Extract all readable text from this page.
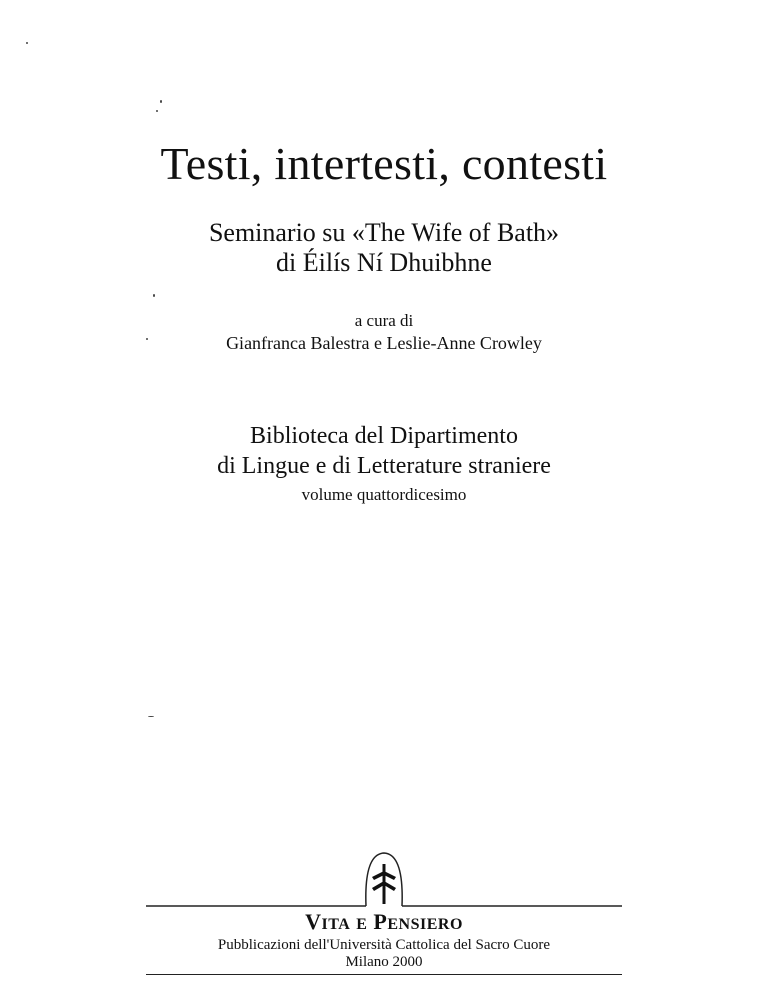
Testi, intertesti, contesti
Seminario su «The Wife of Bath»
di Éilís Ní Dhuibhne
a cura di
Gianfranca Balestra e Leslie-Anne Crowley
Biblioteca del Dipartimento
di Lingue e di Letterature straniere
volume quattordicesimo
VITA E PENSIERO
Pubblicazioni dell'Università Cattolica del Sacro Cuore
Milano 2000
